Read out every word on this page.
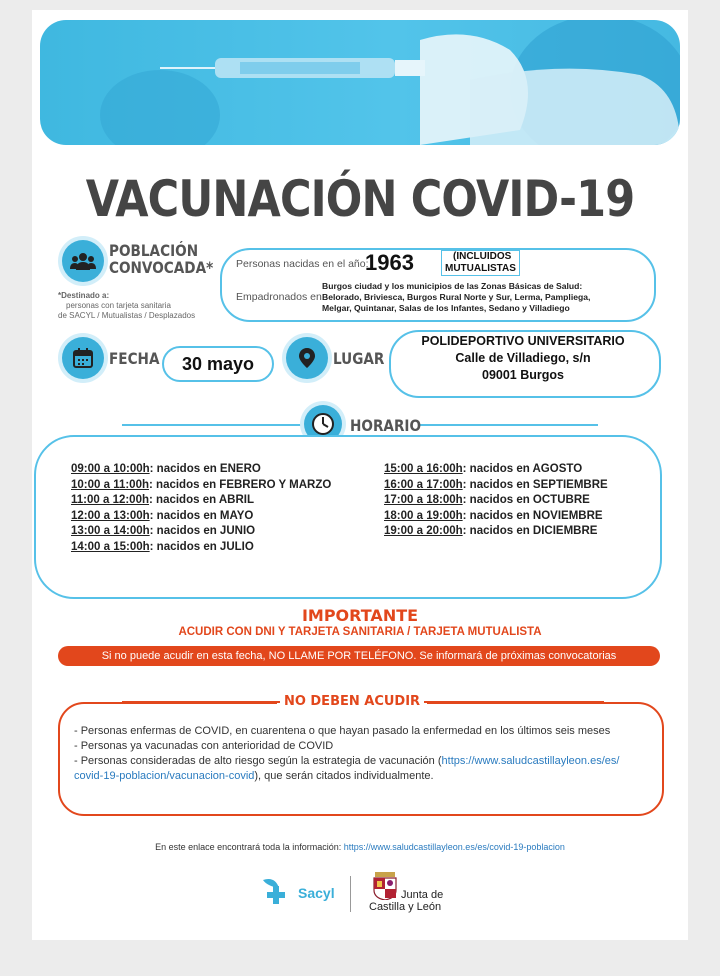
VACUNACIÓN COVID-19
POBLACIÓN
CONVOCADA*
*Destinado a:
personas con tarjeta sanitaria
de SACYL / Mutualistas / Desplazados
Personas nacidas en el año:
1963	(INCLUIDOS
MUTUALISTAS
Empadronados en:
Burgos ciudad y los municipios de las Zonas Básicas de Salud:
Belorado, Briviesca, Burgos Rural Norte y Sur, Lerma, Pampliega,
Melgar, Quintanar, Salas de los Infantes, Sedano y Villadiego
FECHA 30 mayo	LUGAR
POLIDEPORTIVO UNIVERSITARIO
Calle de Villadiego, s/n
09001 Burgos
HORARIO
09:00 a 10:00h: nacidos en ENERO
10:00 a 11:00h: nacidos en FEBRERO Y MARZO
11:00 a 12:00h: nacidos en ABRIL
12:00 a 13:00h: nacidos en MAYO
13:00 a 14:00h: nacidos en JUNIO
14:00 a 15:00h: nacidos en JULIO
15:00 a 16:00h: nacidos en AGOSTO
16:00 a 17:00h: nacidos en SEPTIEMBRE
17:00 a 18:00h: nacidos en OCTUBRE
18:00 a 19:00h: nacidos en NOVIEMBRE
19:00 a 20:00h: nacidos en DICIEMBRE
IMPORTANTE
ACUDIR CON DNI Y TARJETA SANITARIA / TARJETA MUTUALISTA
Si no puede acudir en esta fecha, NO LLAME POR TELÉFONO. Se informará de próximas convocatorias
NO DEBEN ACUDIR
- Personas enfermas de COVID, en cuarentena o que hayan pasado la enfermedad en los últimos seis meses
- Personas ya vacunadas con anterioridad de COVID
- Personas consideradas de alto riesgo según la estrategia de vacunación (https://www.saludcastillayleon.es/es/
covid-19-poblacion/vacunacion-covid), que serán citados individualmente.
En este enlace encontrará toda la información: https://www.saludcastillayleon.es/es/covid-19-poblacion
Sacyl	Junta de
Castilla y León
